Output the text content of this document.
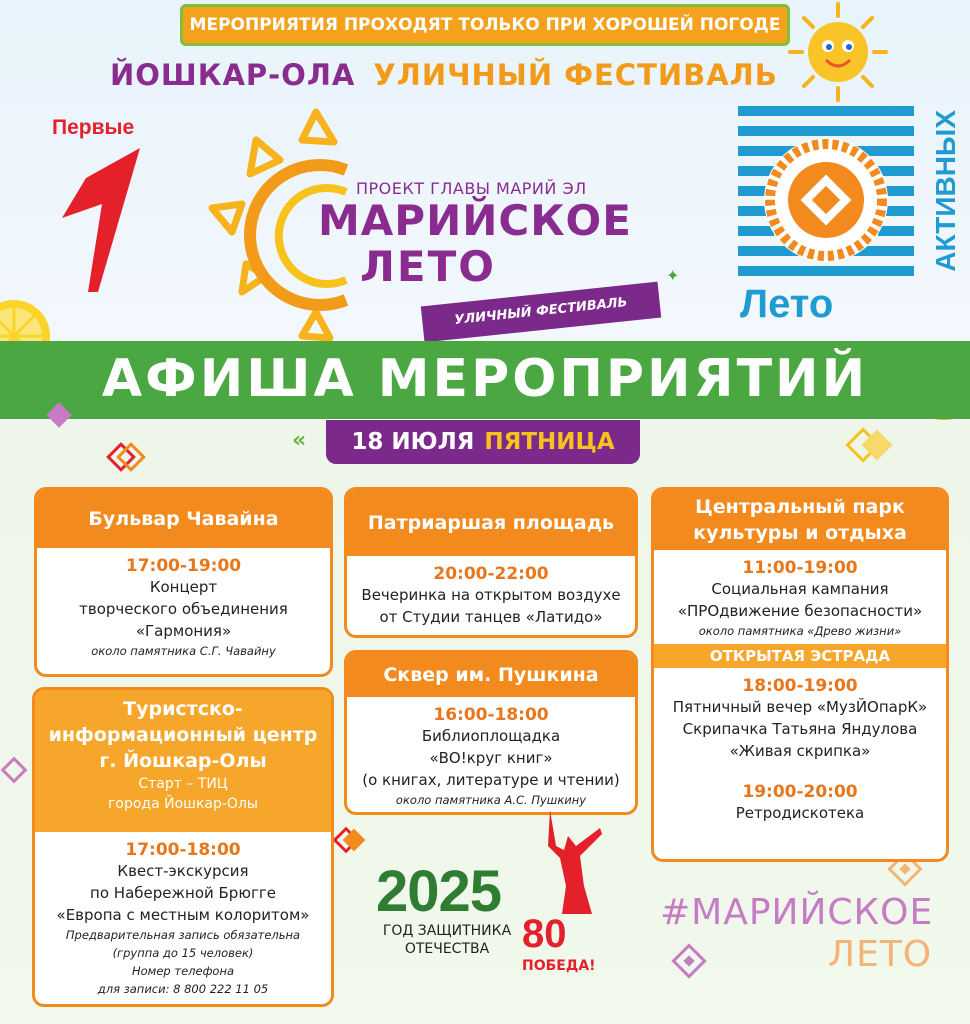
МЕРОПРИЯТИЯ ПРОХОДЯТ ТОЛЬКО ПРИ ХОРОШЕЙ ПОГОДЕ
ЙОШКАР-ОЛА УЛИЧНЫЙ ФЕСТИВАЛЬ
Первые
ПРОЕКТ ГЛАВЫ МАРИЙ ЭЛ
МАРИЙСКОЕ
ЛЕТО
УЛИЧНЫЙ ФЕСТИВАЛЬ
✦
Лето
АКТИВНЫХ
АФИША МЕРОПРИЯТИЙ
«	18 ИЮЛЯ ПЯТНИЦА
Бульвар Чавайна
17:00-19:00
Концерт
творческого объединения
«Гармония»
около памятника С.Г. Чавайну
Туристско-
информационный центр
г. Йошкар-Олы
Старт – ТИЦ
города Йошкар-Олы
17:00-18:00
Квест-экскурсия
по Набережной Брюгге
«Европа с местным колоритом»
Предварительная запись обязательна
(группа до 15 человек)
Номер телефона
для записи: 8 800 222 11 05
Патриаршая площадь
20:00-22:00
Вечеринка на открытом воздухе
от Студии танцев «Латидо»
Сквер им. Пушкина
16:00-18:00
Библиоплощадка
«ВО!круг книг»
(о книгах, литературе и чтении)
около памятника А.С. Пушкину
Центральный парк
культуры и отдыха
11:00-19:00
Социальная кампания
«ПРОдвижение безопасности»
около памятника «Древо жизни»
ОТКРЫТАЯ ЭСТРАДА
18:00-19:00
Пятничный вечер «МузЙОпарК»
Скрипачка Татьяна Яндулова
«Живая скрипка»
19:00-20:00
Ретродискотека
2025
ГОД ЗАЩИТНИКА
ОТЕЧЕСТВА 80
ПОБЕДА!
#МАРИЙСКОЕ
ЛЕТО
